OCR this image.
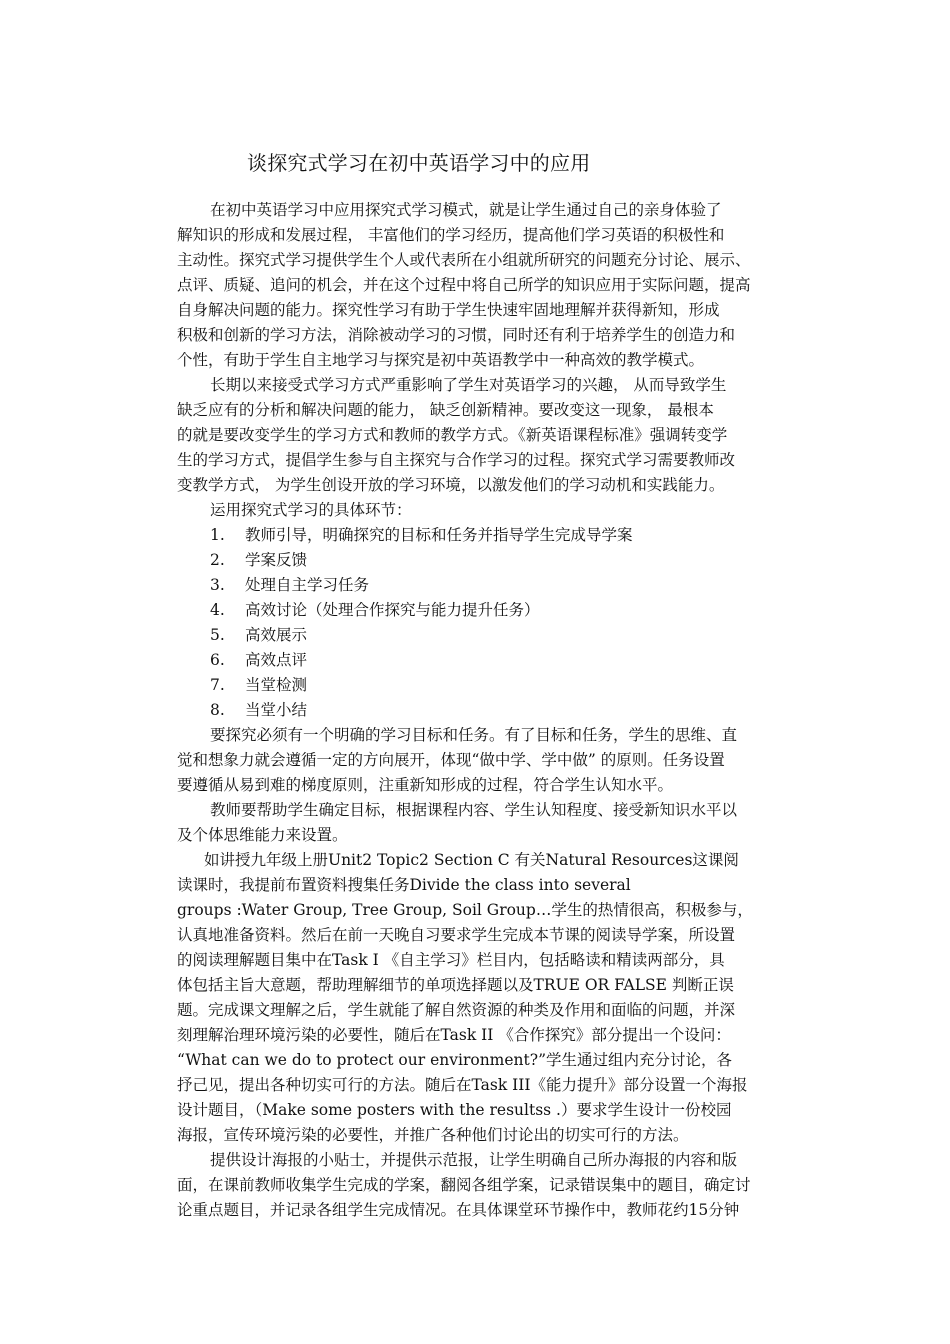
谈探究式学习在初中英语学习中的应用
在初中英语学习中应用探究式学习模式，就是让学生通过自己的亲身体验了
解知识的形成和发展过程， 丰富他们的学习经历，提高他们学习英语的积极性和
主动性。探究式学习提供学生个人或代表所在小组就所研究的问题充分讨论、展示、
点评、质疑、追问的机会，并在这个过程中将自己所学的知识应用于实际问题，提高
自身解决问题的能力。探究性学习有助于学生快速牢固地理解并获得新知，形成
积极和创新的学习方法，消除被动学习的习惯，同时还有利于培养学生的创造力和
个性，有助于学生自主地学习与探究是初中英语教学中一种高效的教学模式。
长期以来接受式学习方式严重影响了学生对英语学习的兴趣， 从而导致学生
缺乏应有的分析和解决问题的能力， 缺乏创新精神。要改变这一现象， 最根本
的就是要改变学生的学习方式和教师的教学方式。《新英语课程标准》强调转变学
生的学习方式，提倡学生参与自主探究与合作学习的过程。探究式学习需要教师改
变教学方式， 为学生创设开放的学习环境，以激发他们的学习动机和实践能力。
运用探究式学习的具体环节：
1. 教师引导，明确探究的目标和任务并指导学生完成导学案
2. 学案反馈
3. 处理自主学习任务
4. 高效讨论（处理合作探究与能力提升任务）
5. 高效展示
6. 高效点评
7. 当堂检测
8. 当堂小结
要探究必须有一个明确的学习目标和任务。有了目标和任务，学生的思维、直
觉和想象力就会遵循一定的方向展开，体现“做中学、学中做” 的原则。任务设置
要遵循从易到难的梯度原则，注重新知形成的过程，符合学生认知水平。
教师要帮助学生确定目标，根据课程内容、学生认知程度、接受新知识水平以
及个体思维能力来设置。
如讲授九年级上册Unit2 Topic2 Section C 有关Natural Resources这课阅
读课时，我提前布置资料搜集任务Divide the class into several
groups :Water Group, Tree Group, Soil Group…学生的热情很高，积极参与，
认真地准备资料。然后在前一天晚自习要求学生完成本节课的阅读导学案，所设置
的阅读理解题目集中在Task I 《自主学习》栏目内，包括略读和精读两部分，具
体包括主旨大意题，帮助理解细节的单项选择题以及TRUE OR FALSE 判断正误
题。完成课文理解之后，学生就能了解自然资源的种类及作用和面临的问题，并深
刻理解治理环境污染的必要性，随后在Task II 《合作探究》部分提出一个设问：
“What can we do to protect our environment?”学生通过组内充分讨论，各
抒己见，提出各种切实可行的方法。随后在Task III《能力提升》部分设置一个海报
设计题目，（Make some posters with the resultss .）要求学生设计一份校园
海报，宣传环境污染的必要性，并推广各种他们讨论出的切实可行的方法。
提供设计海报的小贴士，并提供示范报，让学生明确自己所办海报的内容和版
面，在课前教师收集学生完成的学案，翻阅各组学案，记录错误集中的题目，确定讨
论重点题目，并记录各组学生完成情况。在具体课堂环节操作中，教师花约15分钟
